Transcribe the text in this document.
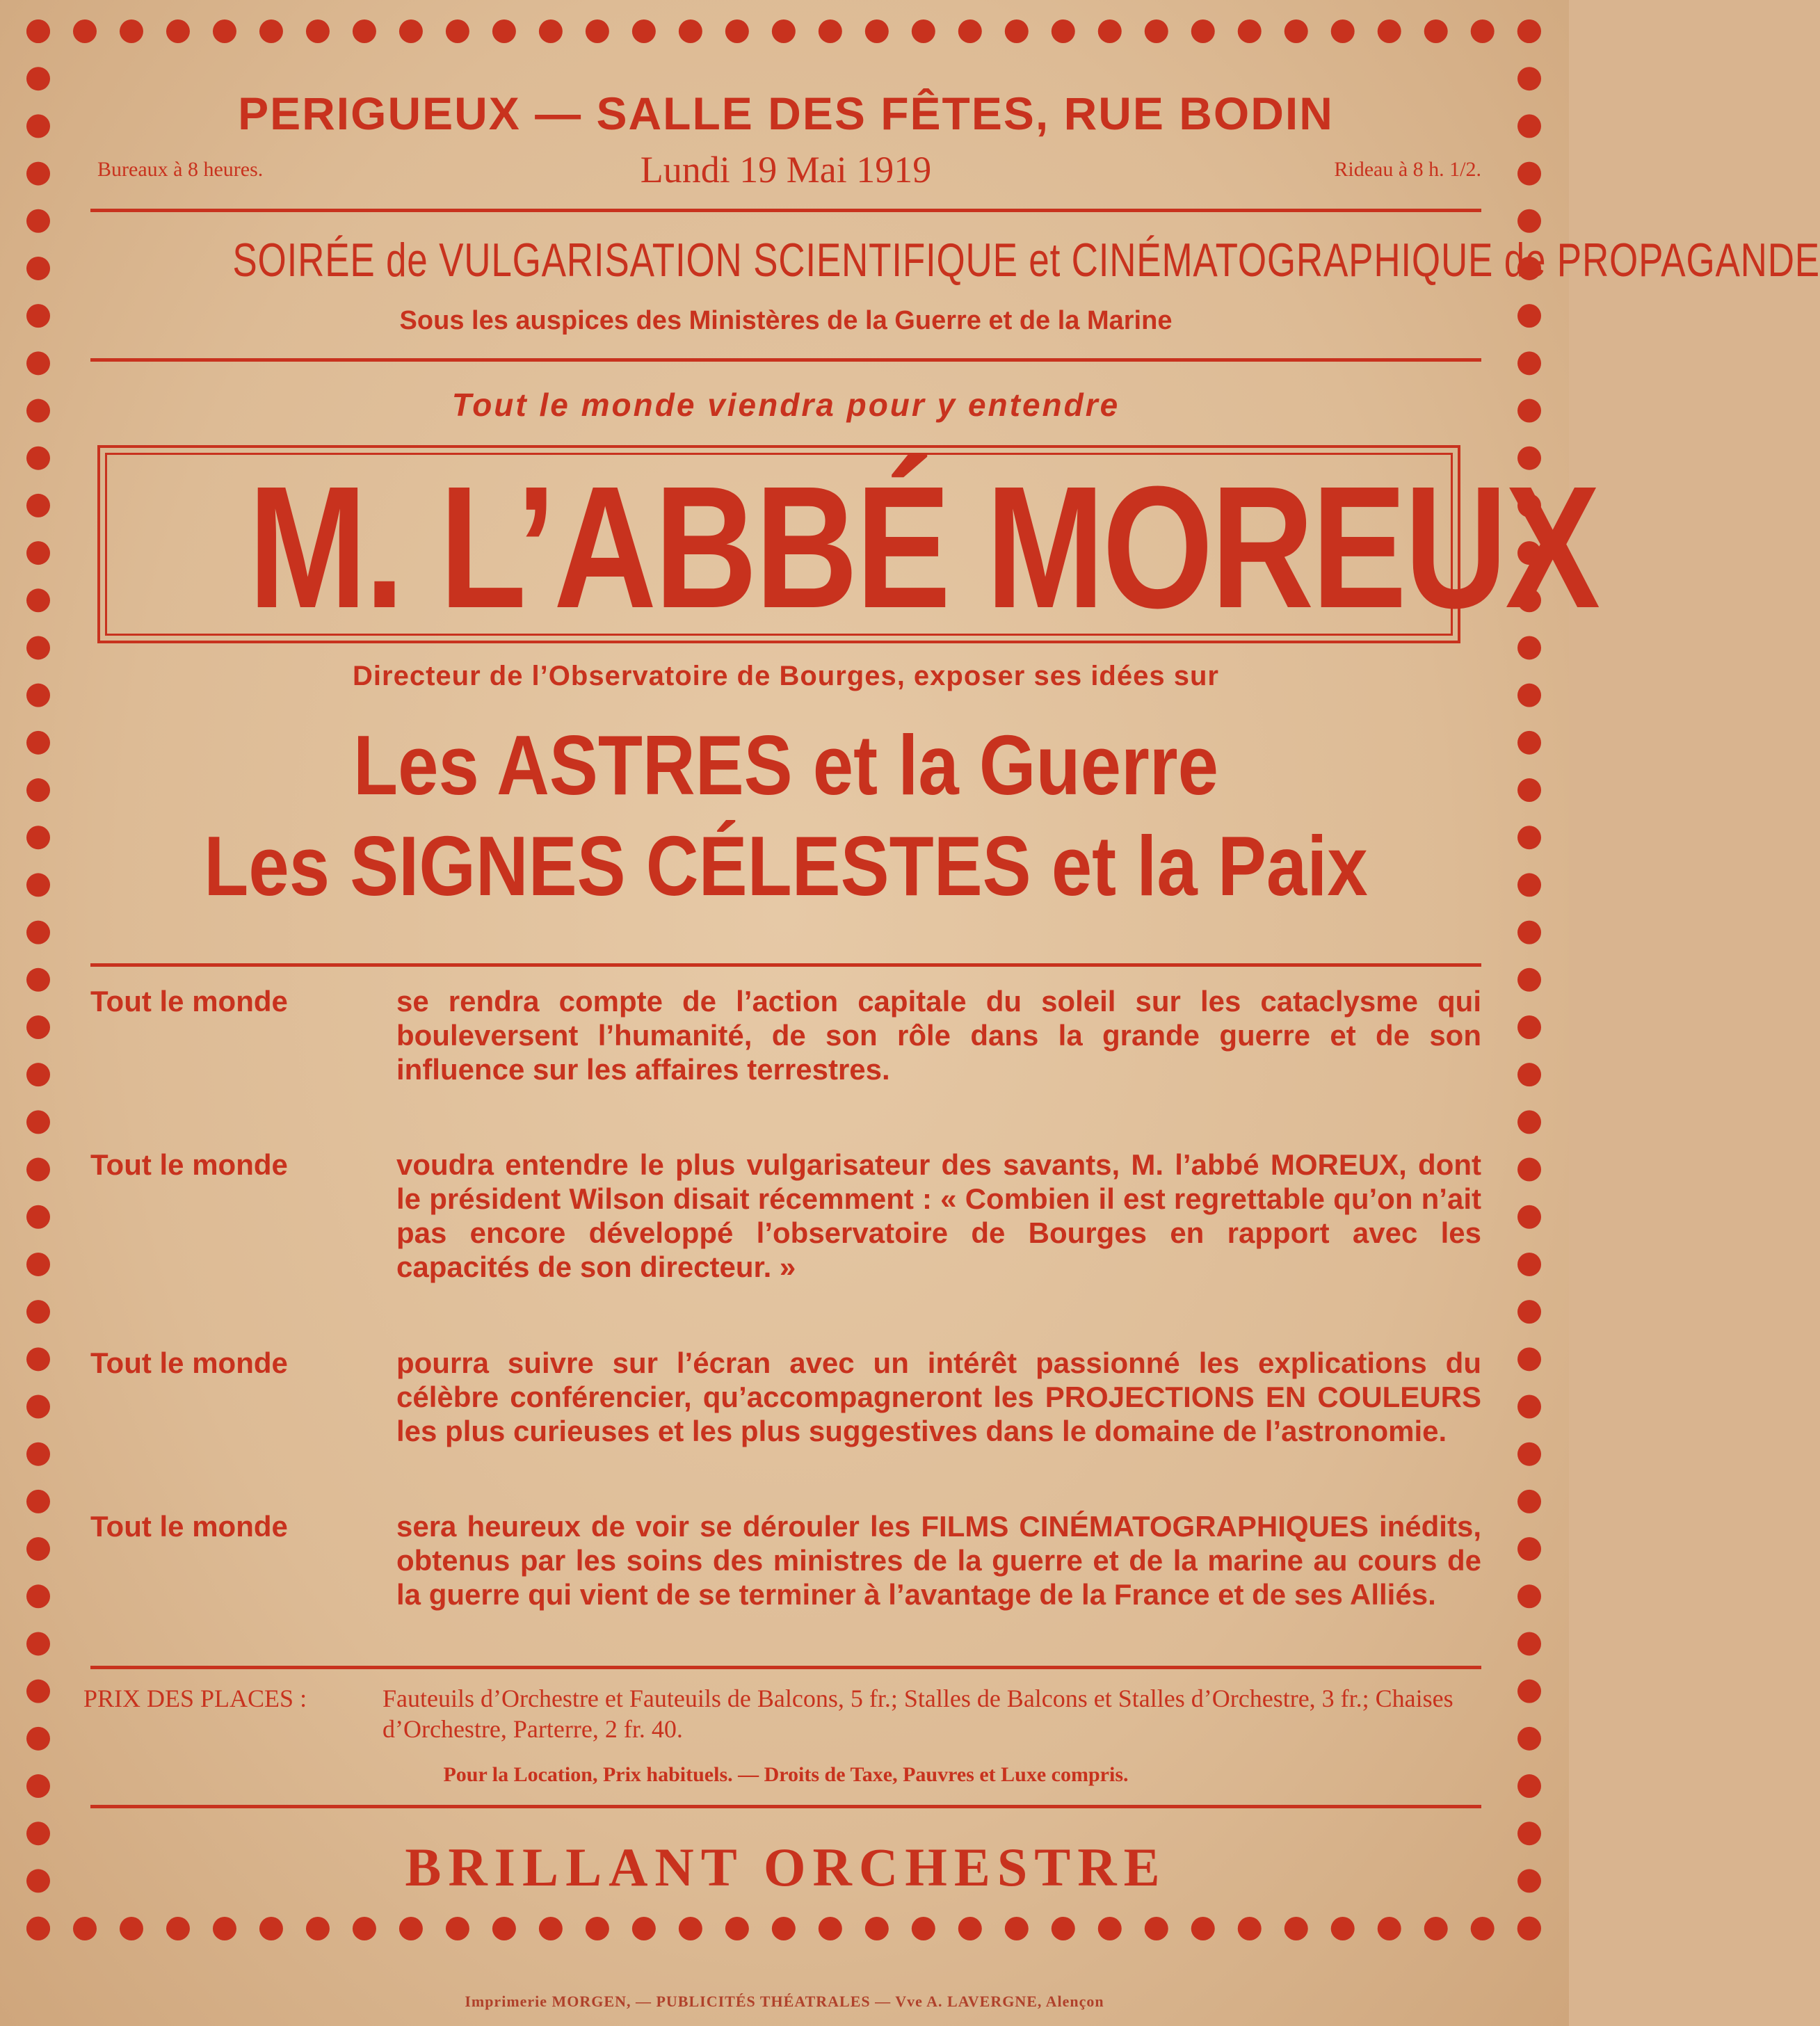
PERIGUEUX — SALLE DES FÊTES, RUE BODIN
Bureaux à 8 heures.	Lundi 19 Mai 1919	Rideau à 8 h. 1/2.
SOIRÉE de VULGARISATION SCIENTIFIQUE et CINÉMATOGRAPHIQUE de PROPAGANDE
Sous les auspices des Ministères de la Guerre et de la Marine
Tout le monde viendra pour y entendre
M. L’ABBÉ MOREUX
Directeur de l’Observatoire de Bourges, exposer ses idées sur
Les ASTRES et la Guerre
Les SIGNES CÉLESTES et la Paix
Tout le monde	se rendra compte de l’action capitale du soleil sur les cataclysme qui bouleversent l’humanité, de son rôle dans la grande guerre et de son influence sur les affaires terrestres.
Tout le monde	voudra entendre le plus vulgarisateur des savants, M. l’abbé MOREUX, dont le président Wilson disait récemment : « Combien il est regrettable qu’on n’ait pas encore développé l’observatoire de Bourges en rapport avec les capacités de son directeur. »
Tout le monde	pourra suivre sur l’écran avec un intérêt passionné les explications du célèbre conférencier, qu’accompagneront les PROJECTIONS EN COULEURS les plus curieuses et les plus suggestives dans le domaine de l’astronomie.
Tout le monde	sera heureux de voir se dérouler les FILMS CINÉMATOGRAPHIQUES inédits, obtenus par les soins des ministres de la guerre et de la marine au cours de la guerre qui vient de se terminer à l’avantage de la France et de ses Alliés.
PRIX DES PLACES :	Fauteuils d’Orchestre et Fauteuils de Balcons, 5 fr.; Stalles de Balcons et Stalles d’Orchestre, 3 fr.; Chaises d’Orchestre, Parterre, 2 fr. 40.
Pour la Location, Prix habituels. — Droits de Taxe, Pauvres et Luxe compris.
BRILLANT ORCHESTRE
Imprimerie MORGEN, — PUBLICITÉS THÉATRALES — Vve A. LAVERGNE, Alençon
